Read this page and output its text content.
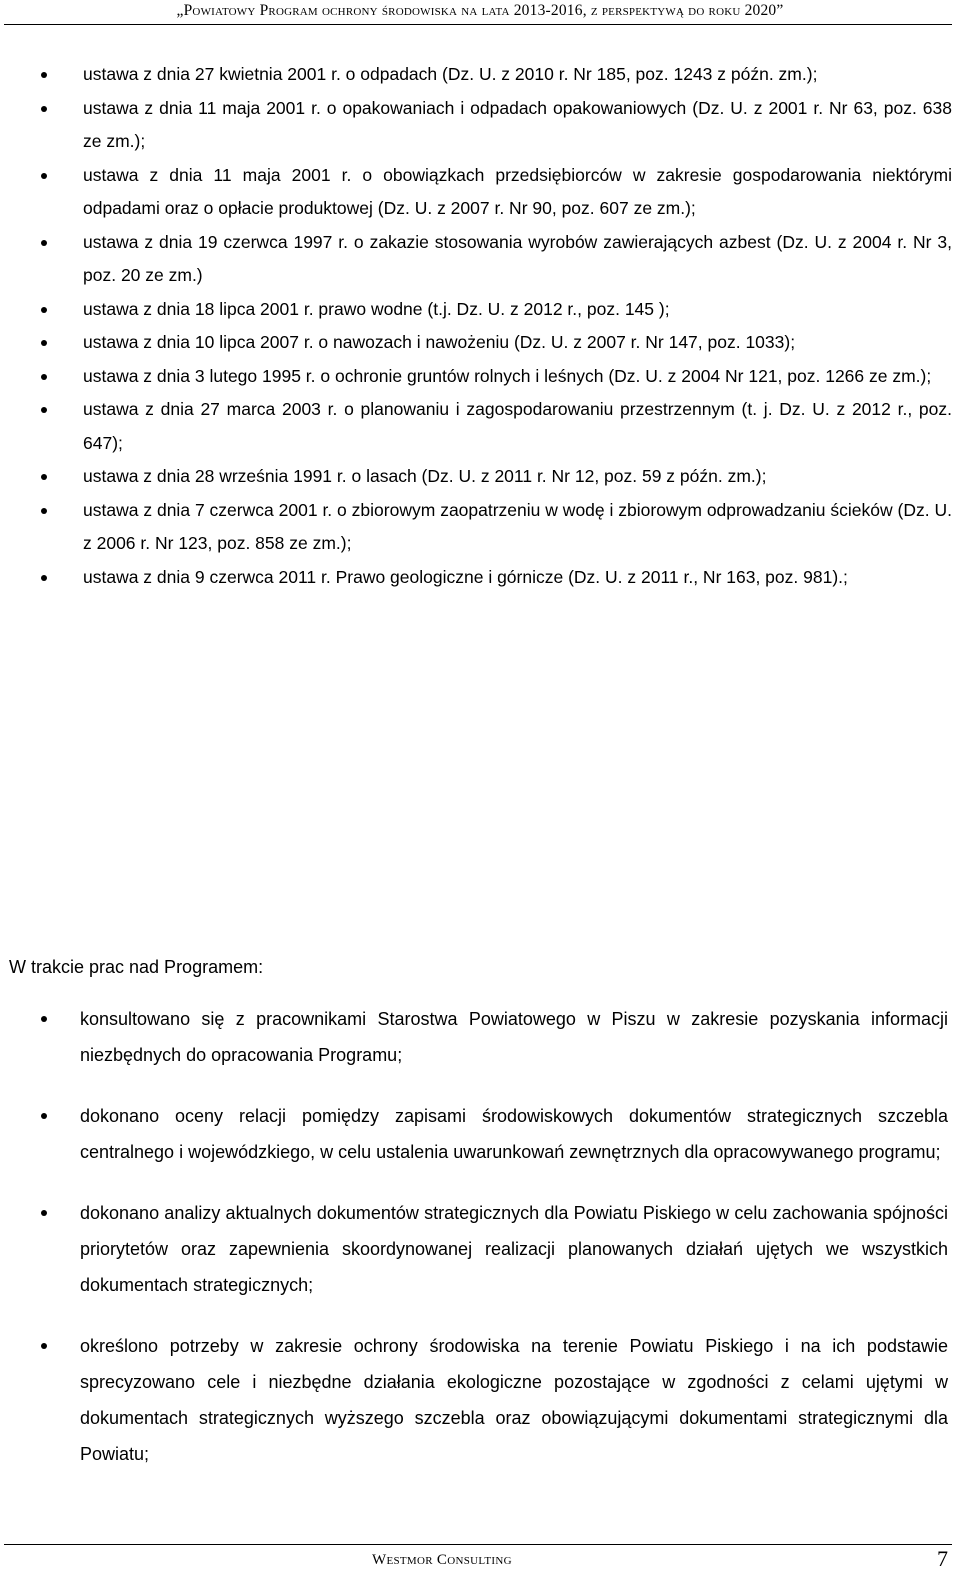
„Powiatowy Program ochrony środowiska na lata 2013-2016, z perspektywą do roku 2020”
ustawa z dnia 27 kwietnia 2001 r. o odpadach (Dz. U. z 2010 r. Nr 185, poz. 1243 z późn. zm.);
ustawa z dnia 11 maja 2001 r. o opakowaniach i odpadach opakowaniowych (Dz. U. z 2001 r. Nr 63, poz. 638 ze zm.);
ustawa z dnia 11 maja 2001 r. o obowiązkach przedsiębiorców w zakresie gospodarowania niektórymi odpadami oraz o opłacie produktowej (Dz. U. z 2007 r. Nr 90, poz. 607 ze zm.);
ustawa z dnia 19 czerwca 1997 r. o zakazie stosowania wyrobów zawierających azbest (Dz. U. z 2004 r. Nr 3, poz. 20 ze zm.)
ustawa z dnia 18 lipca 2001 r. prawo wodne (t.j. Dz. U. z 2012 r., poz. 145 );
ustawa z dnia 10 lipca 2007 r. o nawozach i nawożeniu (Dz. U. z 2007 r. Nr 147, poz. 1033);
ustawa z dnia 3 lutego 1995 r. o ochronie gruntów rolnych i leśnych (Dz. U. z 2004 Nr 121, poz. 1266 ze zm.);
ustawa z dnia 27 marca 2003 r. o planowaniu i zagospodarowaniu przestrzennym (t. j. Dz. U. z 2012 r., poz. 647);
ustawa z dnia 28 września 1991 r. o lasach (Dz. U. z 2011 r. Nr 12, poz. 59 z późn. zm.);
ustawa z dnia 7 czerwca 2001 r. o zbiorowym zaopatrzeniu w wodę i zbiorowym odprowadzaniu ścieków (Dz. U. z 2006 r. Nr 123, poz. 858 ze zm.);
ustawa z dnia 9 czerwca 2011 r. Prawo geologiczne i górnicze (Dz. U. z 2011 r., Nr 163, poz. 981).;
W trakcie prac nad Programem:
konsultowano się z pracownikami Starostwa Powiatowego w Piszu w zakresie pozyskania informacji niezbędnych do opracowania Programu;
dokonano oceny relacji pomiędzy zapisami środowiskowych dokumentów strategicznych szczebla centralnego i wojewódzkiego, w celu ustalenia uwarunkowań zewnętrznych dla opracowywanego programu;
dokonano analizy aktualnych dokumentów strategicznych dla Powiatu Piskiego w celu zachowania spójności priorytetów oraz zapewnienia skoordynowanej realizacji planowanych działań ujętych we wszystkich dokumentach strategicznych;
określono potrzeby w zakresie ochrony środowiska na terenie Powiatu Piskiego i na ich podstawie sprecyzowano cele i niezbędne działania ekologiczne pozostające w zgodności z celami ujętymi w dokumentach strategicznych wyższego szczebla oraz obowiązującymi dokumentami strategicznymi dla Powiatu;
Westmor Consulting	7
